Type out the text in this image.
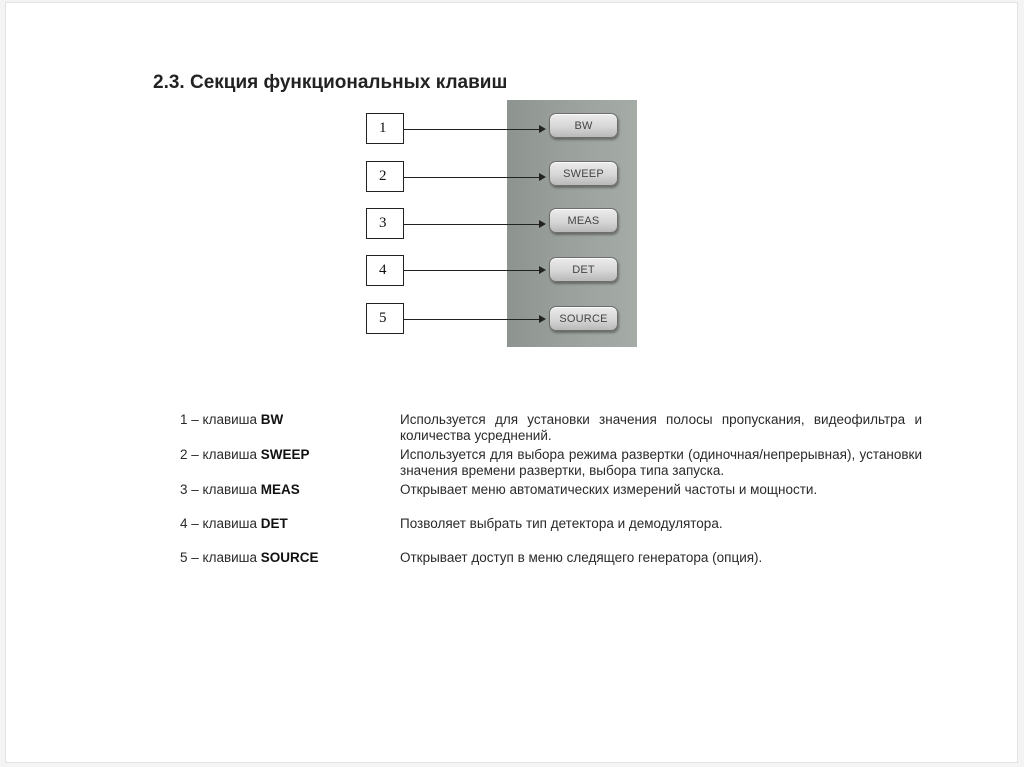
2.3. Секция функциональных клавиш
1	BW
2	SWEEP
3	MEAS
4	DET
5	SOURCE
1 – клавиша BW	Используется для установки значения полосы пропускания, видеофильтра и количества усреднений.
2 – клавиша SWEEP	Используется для выбора режима развертки (одиночная/непрерывная), установки значения времени развертки, выбора типа запуска.
3 – клавиша MEAS	Открывает меню автоматических измерений частоты и мощности.
4 – клавиша DET	Позволяет выбрать тип детектора и демодулятора.
5 – клавиша SOURCE	Открывает доступ в меню следящего генератора (опция).
